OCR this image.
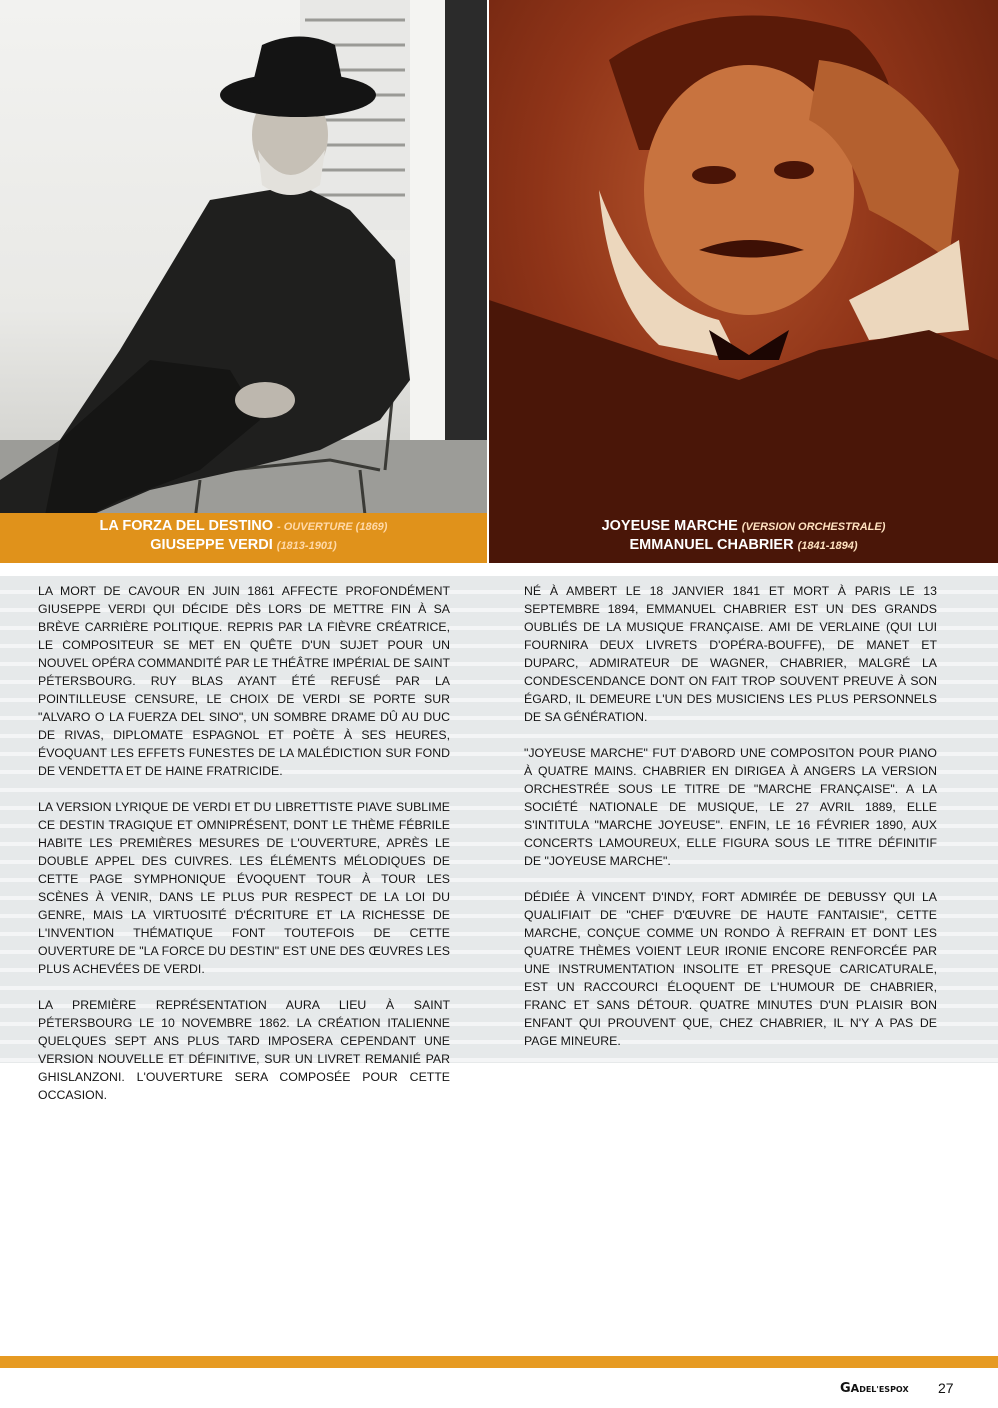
LA FORZA DEL DESTINO - OUVERTURE (1869)
GIUSEPPE VERDI (1813-1901)
JOYEUSE MARCHE (VERSION ORCHESTRALE)
EMMANUEL CHABRIER (1841-1894)

LA MORT DE CAVOUR EN JUIN 1861 AFFECTE PROFONDÉMENT GIUSEPPE VERDI QUI DÉCIDE DÈS LORS DE METTRE FIN À SA BRÈVE CARRIÈRE POLITIQUE. REPRIS PAR LA FIÈVRE CRÉATRICE, LE COMPOSITEUR SE MET EN QUÊTE D'UN SUJET POUR UN NOUVEL OPÉRA COMMANDITÉ PAR LE THÉÂTRE IMPÉRIAL DE SAINT PÉTERSBOURG. RUY BLAS AYANT ÉTÉ REFUSÉ PAR LA POINTILLEUSE CENSURE, LE CHOIX DE VERDI SE PORTE SUR "ALVARO O LA FUERZA DEL SINO", UN SOMBRE DRAME DÛ AU DUC DE RIVAS, DIPLOMATE ESPAGNOL ET POÈTE À SES HEURES, ÉVOQUANT LES EFFETS FUNESTES DE LA MALÉDICTION SUR FOND DE VENDETTA ET DE HAINE FRATRICIDE.

LA VERSION LYRIQUE DE VERDI ET DU LIBRETTISTE PIAVE SUBLIME CE DESTIN TRAGIQUE ET OMNIPRÉSENT, DONT LE THÈME FÉBRILE HABITE LES PREMIÈRES MESURES DE L'OUVERTURE, APRÈS LE DOUBLE APPEL DES CUIVRES. LES ÉLÉMENTS MÉLODIQUES DE CETTE PAGE SYMPHONIQUE ÉVOQUENT TOUR À TOUR LES SCÈNES À VENIR, DANS LE PLUS PUR RESPECT DE LA LOI DU GENRE, MAIS LA VIRTUOSITÉ D'ÉCRITURE ET LA RICHESSE DE L'INVENTION THÉMATIQUE FONT TOUTEFOIS DE CETTE OUVERTURE DE "LA FORCE DU DESTIN" EST UNE DES ŒUVRES LES PLUS ACHEVÉES DE VERDI.

LA PREMIÈRE REPRÉSENTATION AURA LIEU À SAINT PÉTERSBOURG LE 10 NOVEMBRE 1862. LA CRÉATION ITALIENNE QUELQUES SEPT ANS PLUS TARD IMPOSERA CEPENDANT UNE VERSION NOUVELLE ET DÉFINITIVE, SUR UN LIVRET REMANIÉ PAR GHISLANZONI. L'OUVERTURE SERA COMPOSÉE POUR CETTE OCCASION.

NÉ À AMBERT LE 18 JANVIER 1841 ET MORT À PARIS LE 13 SEPTEMBRE 1894, EMMANUEL CHABRIER EST UN DES GRANDS OUBLIÉS DE LA MUSIQUE FRANÇAISE. AMI DE VERLAINE (QUI LUI FOURNIRA DEUX LIVRETS D'OPÉRA-BOUFFE), DE MANET ET DUPARC, ADMIRATEUR DE WAGNER, CHABRIER, MALGRÉ LA CONDESCENDANCE DONT ON FAIT TROP SOUVENT PREUVE À SON ÉGARD, IL DEMEURE L'UN DES MUSICIENS LES PLUS PERSONNELS DE SA GÉNÉRATION.

"JOYEUSE MARCHE" FUT D'ABORD UNE COMPOSITON POUR PIANO À QUATRE MAINS. CHABRIER EN DIRIGEA À ANGERS LA VERSION ORCHESTRÉE SOUS LE TITRE DE "MARCHE FRANÇAISE". A LA SOCIÉTÉ NATIONALE DE MUSIQUE, LE 27 AVRIL 1889, ELLE S'INTITULA "MARCHE JOYEUSE". ENFIN, LE 16 FÉVRIER 1890, AUX CONCERTS LAMOUREUX, ELLE FIGURA SOUS LE TITRE DÉFINITIF DE "JOYEUSE MARCHE".

DÉDIÉE À VINCENT D'INDY, FORT ADMIRÉE DE DEBUSSY QUI LA QUALIFIAIT DE "CHEF D'ŒUVRE DE HAUTE FANTAISIE", CETTE MARCHE, CONÇUE COMME UN RONDO À REFRAIN ET DONT LES QUATRE THÈMES VOIENT LEUR IRONIE ENCORE RENFORCÉE PAR UNE INSTRUMENTATION INSOLITE ET PRESQUE CARICATURALE, EST UN RACCOURCI ÉLOQUENT DE L'HUMOUR DE CHABRIER, FRANC ET SANS DÉTOUR. QUATRE MINUTES D'UN PLAISIR BON ENFANT QUI PROUVENT QUE, CHEZ CHABRIER, IL N'Y A PAS DE PAGE MINEURE.

GADEL'ESPOX 27
